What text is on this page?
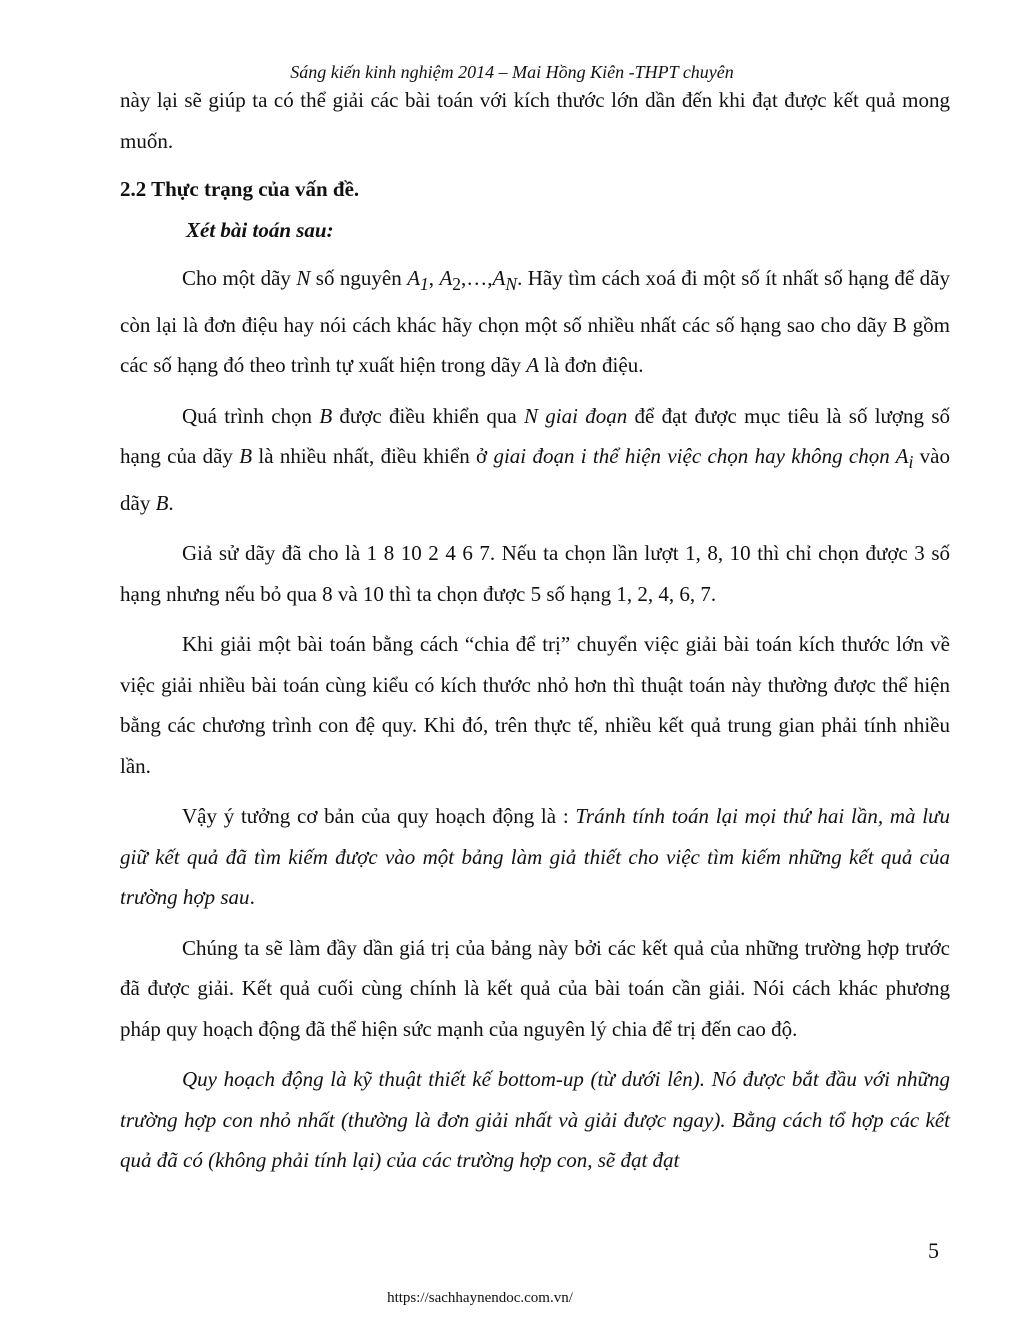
Sáng kiến kinh nghiệm 2014 – Mai Hồng Kiên -THPT chuyên

này lại sẽ giúp ta có thể giải các bài toán với kích thước lớn dần đến khi đạt được kết quả mong muốn.

2.2 Thực trạng của vấn đề.

Xét bài toán sau:

Cho một dãy N số nguyên $A_1$, $A_2,\dots,A_N$. Hãy tìm cách xoá đi một số ít nhất số hạng để dãy còn lại là đơn điệu hay nói cách khác hãy chọn một số nhiều nhất các số hạng sao cho dãy B gồm các số hạng đó theo trình tự xuất hiện trong dãy A là đơn điệu.

Quá trình chọn B được điều khiển qua N giai đoạn để đạt được mục tiêu là số lượng số hạng của dãy B là nhiều nhất, điều khiển ở giai đoạn i thể hiện việc chọn hay không chọn $A_i$ vào dãy B.

Giả sử dãy đã cho là 1 8 10 2 4 6 7. Nếu ta chọn lần lượt 1, 8, 10 thì chỉ chọn được 3 số hạng nhưng nếu bỏ qua 8 và 10 thì ta chọn được 5 số hạng 1, 2, 4, 6, 7.

Khi giải một bài toán bằng cách “chia để trị” chuyển việc giải bài toán kích thước lớn về việc giải nhiều bài toán cùng kiểu có kích thước nhỏ hơn thì thuật toán này thường được thể hiện bằng các chương trình con đệ quy. Khi đó, trên thực tế, nhiều kết quả trung gian phải tính nhiều lần.

Vậy ý tưởng cơ bản của quy hoạch động là : Tránh tính toán lại mọi thứ hai lần, mà lưu giữ kết quả đã tìm kiếm được vào một bảng làm giả thiết cho việc tìm kiếm những kết quả của trường hợp sau.

Chúng ta sẽ làm đầy dần giá trị của bảng này bởi các kết quả của những trường hợp trước đã được giải. Kết quả cuối cùng chính là kết quả của bài toán cần giải. Nói cách khác phương pháp quy hoạch động đã thể hiện sức mạnh của nguyên lý chia để trị đến cao độ.

Quy hoạch động là kỹ thuật thiết kế bottom-up (từ dưới lên). Nó được bắt đầu với những trường hợp con nhỏ nhất (thường là đơn giải nhất và giải được ngay). Bằng cách tổ hợp các kết quả đã có (không phải tính lại) của các trường hợp con, sẽ đạt đạt

5
https://sachhaynendoc.com.vn/
